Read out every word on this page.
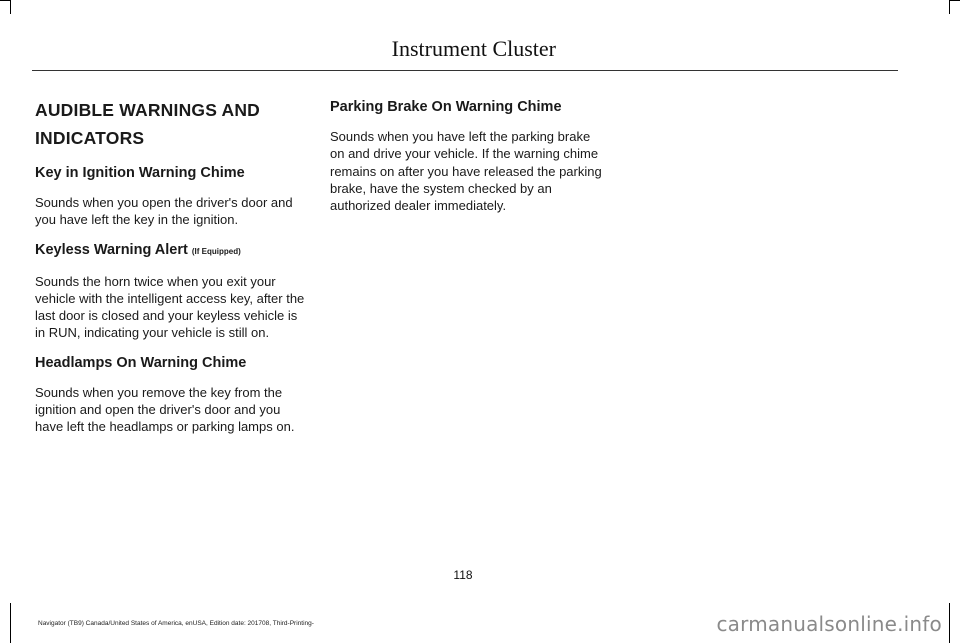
Instrument Cluster
AUDIBLE WARNINGS AND
INDICATORS
Key in Ignition Warning Chime

Sounds when you open the driver's door and you have left the key in the ignition.

Keyless Warning Alert (If Equipped)

Sounds the horn twice when you exit your vehicle with the intelligent access key, after the last door is closed and your keyless vehicle is in RUN, indicating your vehicle is still on.

Headlamps On Warning Chime

Sounds when you remove the key from the ignition and open the driver's door and you have left the headlamps or parking lamps on.

Parking Brake On Warning Chime

Sounds when you have left the parking brake on and drive your vehicle. If the warning chime remains on after you have released the parking brake, have the system checked by an authorized dealer immediately.

118
Navigator (TB9) Canada/United States of America, enUSA, Edition date: 201708, Third-Printing-	carmanualsonline.info
